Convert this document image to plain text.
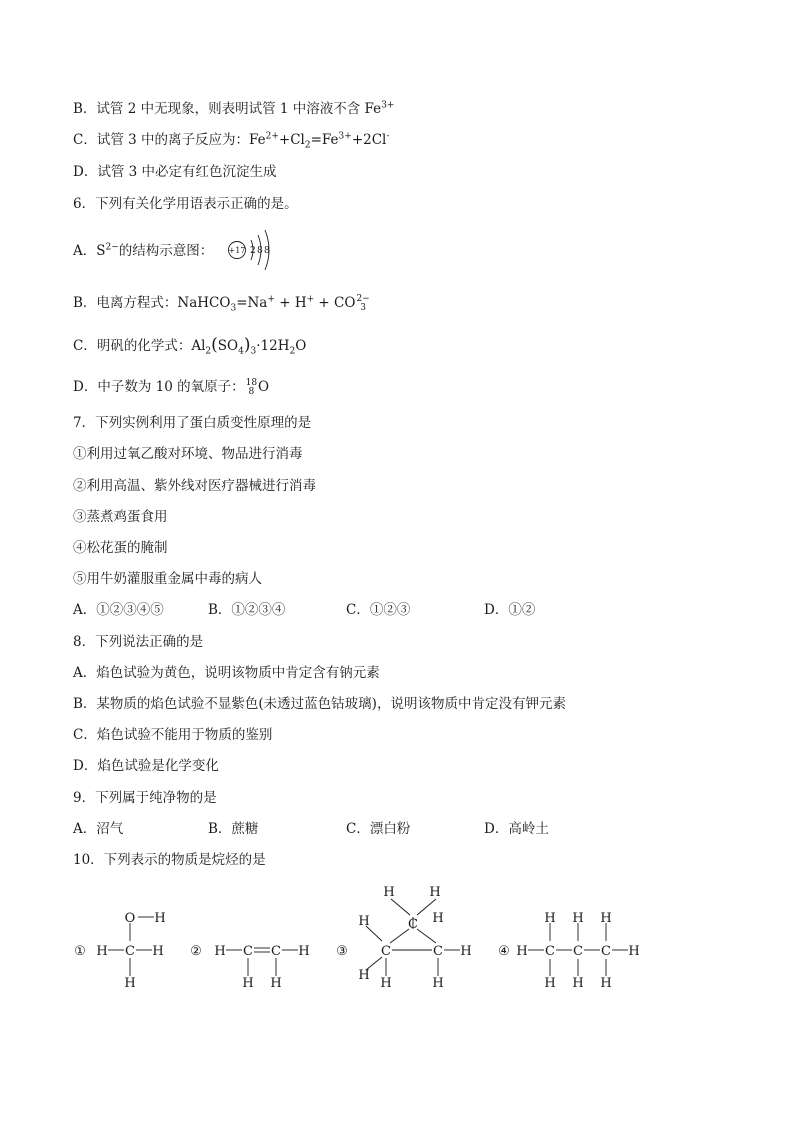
B．试管 2 中无现象，则表明试管 1 中溶液不含 $Fe^{3+}$
C．试管 3 中的离子反应为：$Fe^{2+}+Cl_2=Fe^{3+}+2Cl^-$
D．试管 3 中必定有红色沉淀生成
6．下列有关化学用语表示正确的是。
A．$S^{2-}$的结构示意图： +17 2 8 8
B．电离方程式：NaHCO$_3$=Na+ + H+ + CO 2−
3
C．明矾的化学式：$Al_2(SO_4)_3\cdot 12H_2O$
D．中子数为 10 的氧原子： 18
8 O
7．下列实例利用了蛋白质变性原理的是
①利用过氧乙酸对环境、物品进行消毒
②利用高温、紫外线对医疗器械进行消毒
③蒸煮鸡蛋食用
④松花蛋的腌制
⑤用牛奶灌服重金属中毒的病人
A．①②③④⑤	B．①②③④	C．①②③	D．①②
8．下列说法正确的是
A．焰色试验为黄色，说明该物质中肯定含有钠元素
B．某物质的焰色试验不显紫色(未透过蓝色钴玻璃)，说明该物质中肯定没有钾元素
C．焰色试验不能用于物质的鉴别
D．焰色试验是化学变化
9．下列属于纯净物的是
A．沼气	B．蔗糖	C．漂白粉	D．高岭土
10．下列表示的物质是烷烃的是
①	②	③	④
O H
H C H
H
H C C H
H H
H	H
C
H	H
C	C H
H
H	H
H H H
H C C C H
H H H
